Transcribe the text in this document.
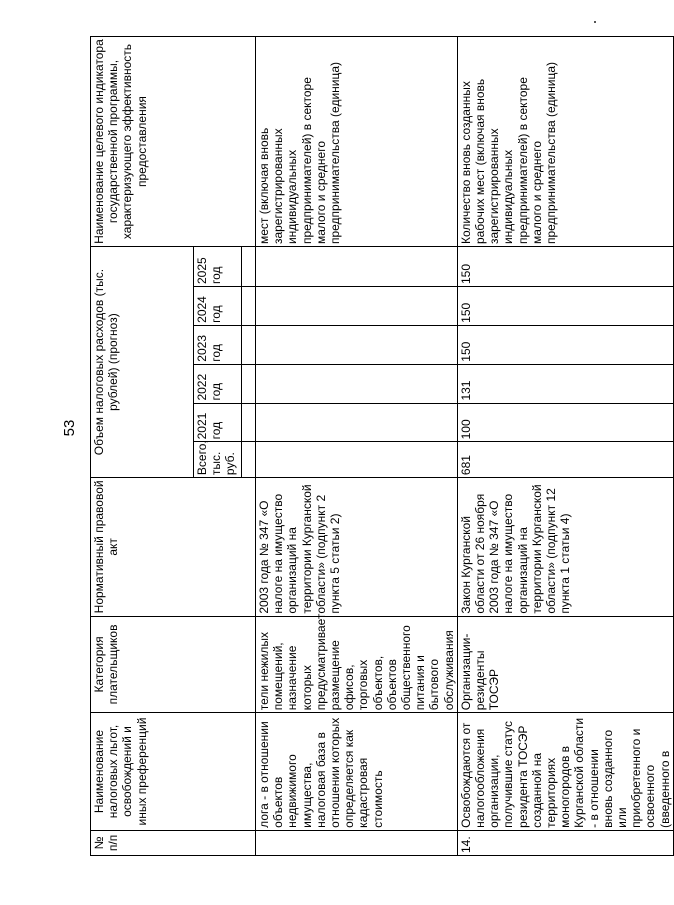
53
№ п/п	Наименование налоговых льгот, освобождений и иных преференций	Категория плательщиков	Нормативный правовой акт	Объем налоговых расходов (тыс. рублей) (прогноз)						Наименование целевого индикатора государственной программы, характеризующего эффективность предоставления
				Всего, тыс. руб.	2021 год	2022 год	2023 год	2024 год	2025 год	

	лога - в отношении объектов недвижимого имущества, налоговая база в отношении которых определяется как кадастровая стоимость	тели нежилых помещений, назначение которых предусматривает размещение офисов, торговых объектов, объектов общественного питания и бытового обслуживания	2003 года № 347 «О налоге на имущество организаций на территории Курганской области» (подпункт 2 пункта 5 статьи 2)							мест (включая вновь зарегистрированных индивидуальных предпринимателей) в секторе малого и среднего предпринимательства (единица)
14.	Освобождаются от налогообложения организации, получившие статус резидента ТОСЭР созданной на территориях моногородов в Курганской области - в отношении вновь созданного или приобретенного и освоенного (введенного в	Организации-резиденты ТОСЭР	Закон Курганской области от 26 ноября 2003 года № 347 «О налоге на имущество организаций на территории Курганской области» (подпункт 12 пункта 1 статьи 4)	681	100	131	150	150	150	Количество вновь созданных рабочих мест (включая вновь зарегистрированных индивидуальных предпринимателей) в секторе малого и среднего предпринимательства (единица)
